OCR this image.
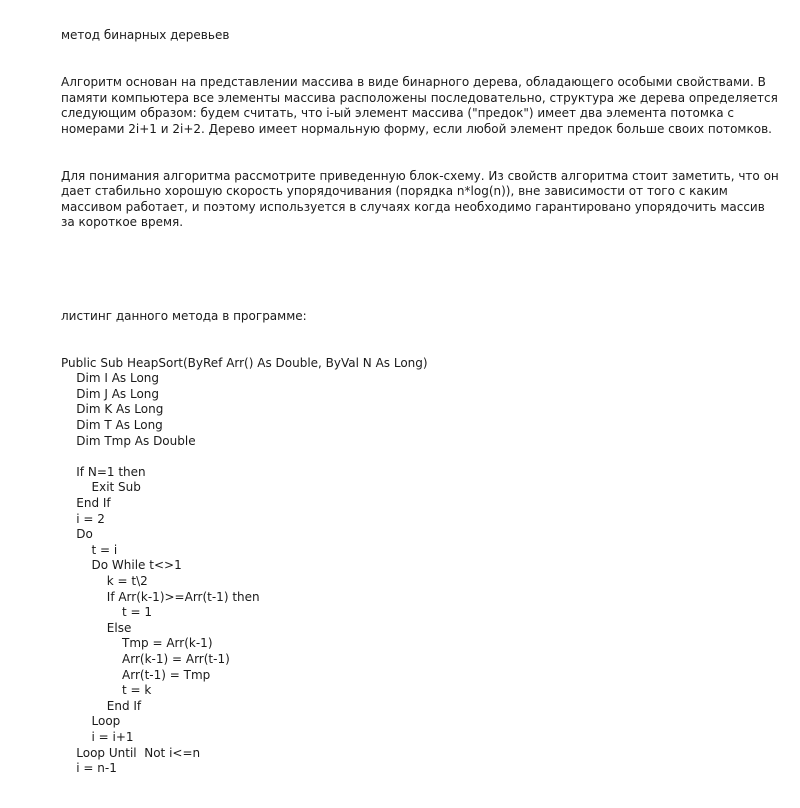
метод бинарных деревьев

Алгоритм основан на представлении массива в виде бинарного дерева, обладающего особыми свойствами. В памяти компьютера все элементы массива расположены последовательно, структура же дерева определяется следующим образом: будем считать, что i-ый элемент массива ("предок") имеет два элемента потомка с номерами 2i+1 и 2i+2. Дерево имеет нормальную форму, если любой элемент предок больше своих потомков.

Для понимания алгоритма рассмотрите приведенную блок-схему. Из свойств алгоритма стоит заметить, что он дает стабильно хорошую скорость упорядочивания (порядка n*log(n)), вне зависимости от того с каким массивом работает, и поэтому используется в случаях когда необходимо гарантировано упорядочить массив за короткое время.

листинг данного метода в программе:

Public Sub HeapSort(ByRef Arr() As Double, ByVal N As Long)
Dim I As Long
Dim J As Long
Dim K As Long
Dim T As Long
Dim Tmp As Double

If N=1 then
Exit Sub
End If
i = 2
Do
t = i
Do While t<>1
k = t\2
If Arr(k-1)>=Arr(t-1) then
t = 1
Else
Tmp = Arr(k-1)
Arr(k-1) = Arr(t-1)
Arr(t-1) = Tmp
t = k
End If
Loop
i = i+1
Loop Until  Not i<=n
i = n-1
